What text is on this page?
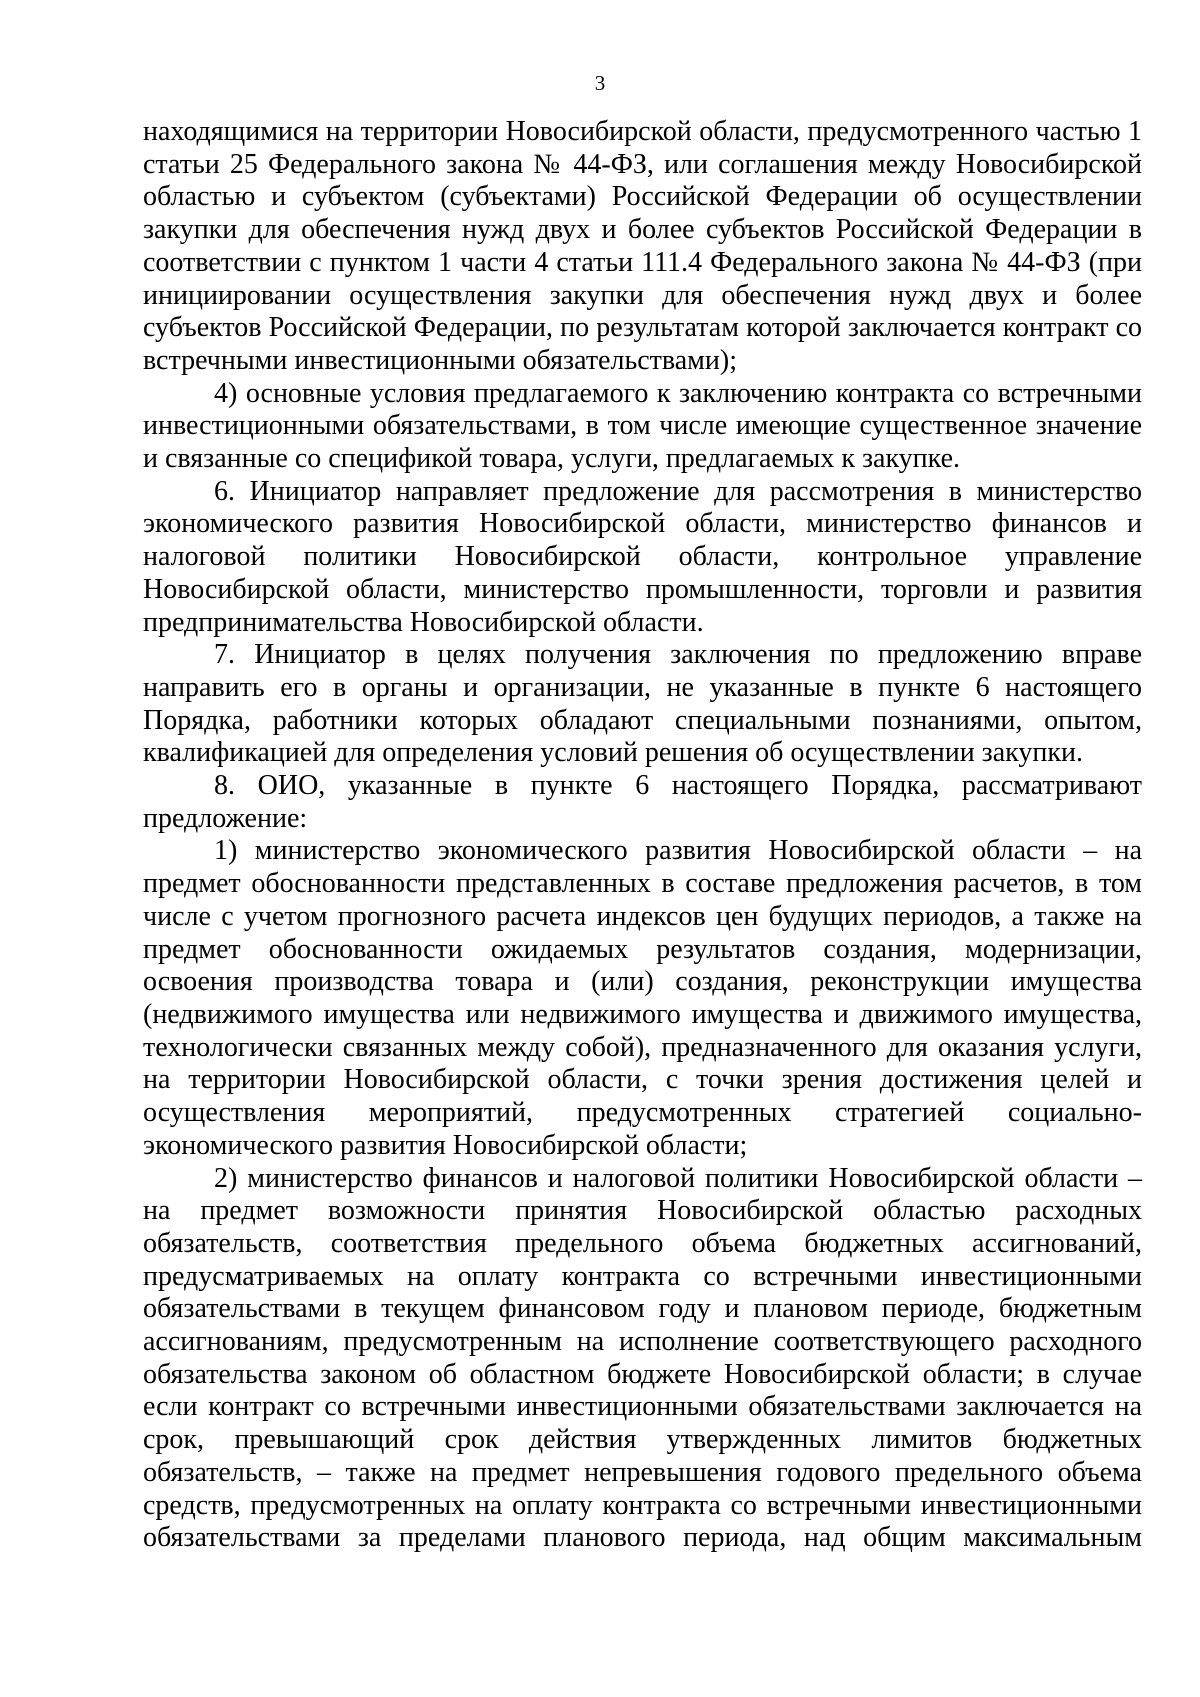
3

находящимися на территории Новосибирской области, предусмотренного частью 1 статьи 25 Федерального закона № 44-ФЗ, или соглашения между Новосибирской областью и субъектом (субъектами) Российской Федерации об осуществлении закупки для обеспечения нужд двух и более субъектов Российской Федерации в соответствии с пунктом 1 части 4 статьи 111.4 Федерального закона № 44-ФЗ (при инициировании осуществления закупки для обеспечения нужд двух и более субъектов Российской Федерации, по результатам которой заключается контракт со встречными инвестиционными обязательствами);

4) основные условия предлагаемого к заключению контракта со встречными инвестиционными обязательствами, в том числе имеющие существенное значение и связанные со спецификой товара, услуги, предлагаемых к закупке.

6. Инициатор направляет предложение для рассмотрения в министерство экономического развития Новосибирской области, министерство финансов и налоговой политики Новосибирской области, контрольное управление Новосибирской области, министерство промышленности, торговли и развития предпринимательства Новосибирской области.

7. Инициатор в целях получения заключения по предложению вправе направить его в органы и организации, не указанные в пункте 6 настоящего Порядка, работники которых обладают специальными познаниями, опытом, квалификацией для определения условий решения об осуществлении закупки.

8. ОИО, указанные в пункте 6 настоящего Порядка, рассматривают предложение:

1) министерство экономического развития Новосибирской области – на предмет обоснованности представленных в составе предложения расчетов, в том числе с учетом прогнозного расчета индексов цен будущих периодов, а также на предмет обоснованности ожидаемых результатов создания, модернизации, освоения производства товара и (или) создания, реконструкции имущества (недвижимого имущества или недвижимого имущества и движимого имущества, технологически связанных между собой), предназначенного для оказания услуги, на территории Новосибирской области, с точки зрения достижения целей и осуществления мероприятий, предусмотренных стратегией социально-экономического развития Новосибирской области;

2) министерство финансов и налоговой политики Новосибирской области – на предмет возможности принятия Новосибирской областью расходных обязательств, соответствия предельного объема бюджетных ассигнований, предусматриваемых на оплату контракта со встречными инвестиционными обязательствами в текущем финансовом году и плановом периоде, бюджетным ассигнованиям, предусмотренным на исполнение соответствующего расходного обязательства законом об областном бюджете Новосибирской области; в случае если контракт со встречными инвестиционными обязательствами заключается на срок, превышающий срок действия утвержденных лимитов бюджетных обязательств, – также на предмет непревышения годового предельного объема средств, предусмотренных на оплату контракта со встречными инвестиционными обязательствами за пределами планового периода, над общим максимальным
